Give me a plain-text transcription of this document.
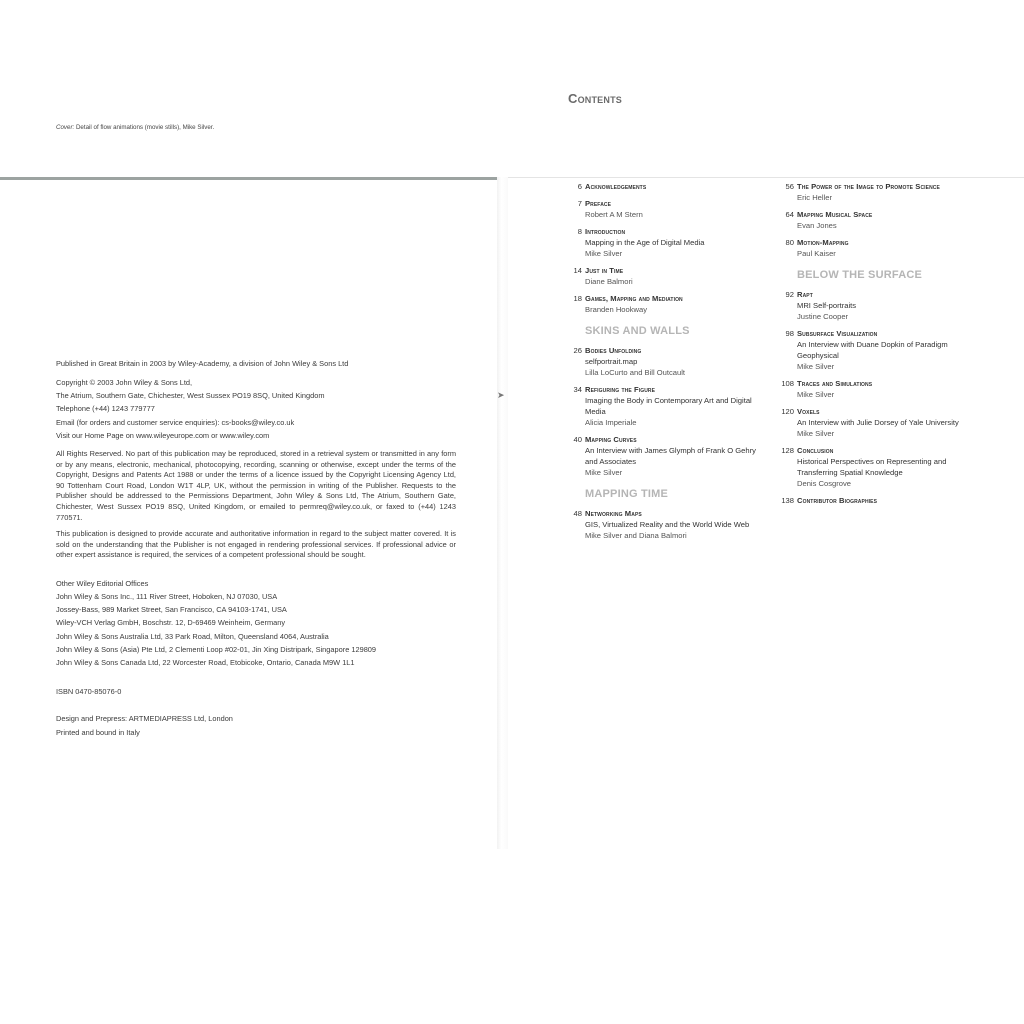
Cover: Detail of flow animations (movie stills), Mike Silver.
Published in Great Britain in 2003 by Wiley-Academy, a division of John Wiley & Sons Ltd
Copyright © 2003 John Wiley & Sons Ltd,
The Atrium, Southern Gate, Chichester, West Sussex PO19 8SQ, United Kingdom
Telephone (+44) 1243 779777
Email (for orders and customer service enquiries): cs-books@wiley.co.uk
Visit our Home Page on www.wileyeurope.com or www.wiley.com
All Rights Reserved. No part of this publication may be reproduced, stored in a retrieval system or transmitted in any form or by any means, electronic, mechanical, photocopying, recording, scanning or otherwise, except under the terms of the Copyright, Designs and Patents Act 1988 or under the terms of a licence issued by the Copyright Licensing Agency Ltd, 90 Tottenham Court Road, London W1T 4LP, UK, without the permission in writing of the Publisher. Requests to the Publisher should be addressed to the Permissions Department, John Wiley & Sons Ltd, The Atrium, Southern Gate, Chichester, West Sussex PO19 8SQ, United Kingdom, or emailed to permreq@wiley.co.uk, or faxed to (+44) 1243 770571.
This publication is designed to provide accurate and authoritative information in regard to the subject matter covered. It is sold on the understanding that the Publisher is not engaged in rendering professional services. If professional advice or other expert assistance is required, the services of a competent professional should be sought.
Other Wiley Editorial Offices
John Wiley & Sons Inc., 111 River Street, Hoboken, NJ 07030, USA
Jossey-Bass, 989 Market Street, San Francisco, CA 94103-1741, USA
Wiley-VCH Verlag GmbH, Boschstr. 12, D-69469 Weinheim, Germany
John Wiley & Sons Australia Ltd, 33 Park Road, Milton, Queensland 4064, Australia
John Wiley & Sons (Asia) Pte Ltd, 2 Clementi Loop #02-01, Jin Xing Distripark, Singapore 129809
John Wiley & Sons Canada Ltd, 22 Worcester Road, Etobicoke, Ontario, Canada M9W 1L1
ISBN 0470-85076-0
Design and Prepress: ARTMEDIAPRESS Ltd, London
Printed and bound in Italy
➤
Contents
6 Acknowledgements
7 Preface
Robert A M Stern
8 Introduction
Mapping in the Age of Digital Media
Mike Silver
14 Just in Time
Diane Balmori
18 Games, Mapping and Mediation
Branden Hookway
SKINS AND WALLS
26 Bodies Unfolding
selfportrait.map
Lilla LoCurto and Bill Outcault
34 Refiguring the Figure
Imaging the Body in Contemporary Art and Digital Media
Alicia Imperiale
40 Mapping Curves
An Interview with James Glymph of Frank O Gehry and Associates
Mike Silver
MAPPING TIME
48 Networking Maps
GIS, Virtualized Reality and the World Wide Web
Mike Silver and Diana Balmori
56 The Power of the Image to Promote Science
Eric Heller
64 Mapping Musical Space
Evan Jones
80 Motion-Mapping
Paul Kaiser
BELOW THE SURFACE
92 Rapt
MRI Self-portraits
Justine Cooper
98 Subsurface Visualization
An Interview with Duane Dopkin of Paradigm Geophysical
Mike Silver
108 Traces and Simulations
Mike Silver
120 Voxels
An Interview with Julie Dorsey of Yale University
Mike Silver
128 Conclusion
Historical Perspectives on Representing and Transferring Spatial Knowledge
Denis Cosgrove
138 Contributor Biographies
